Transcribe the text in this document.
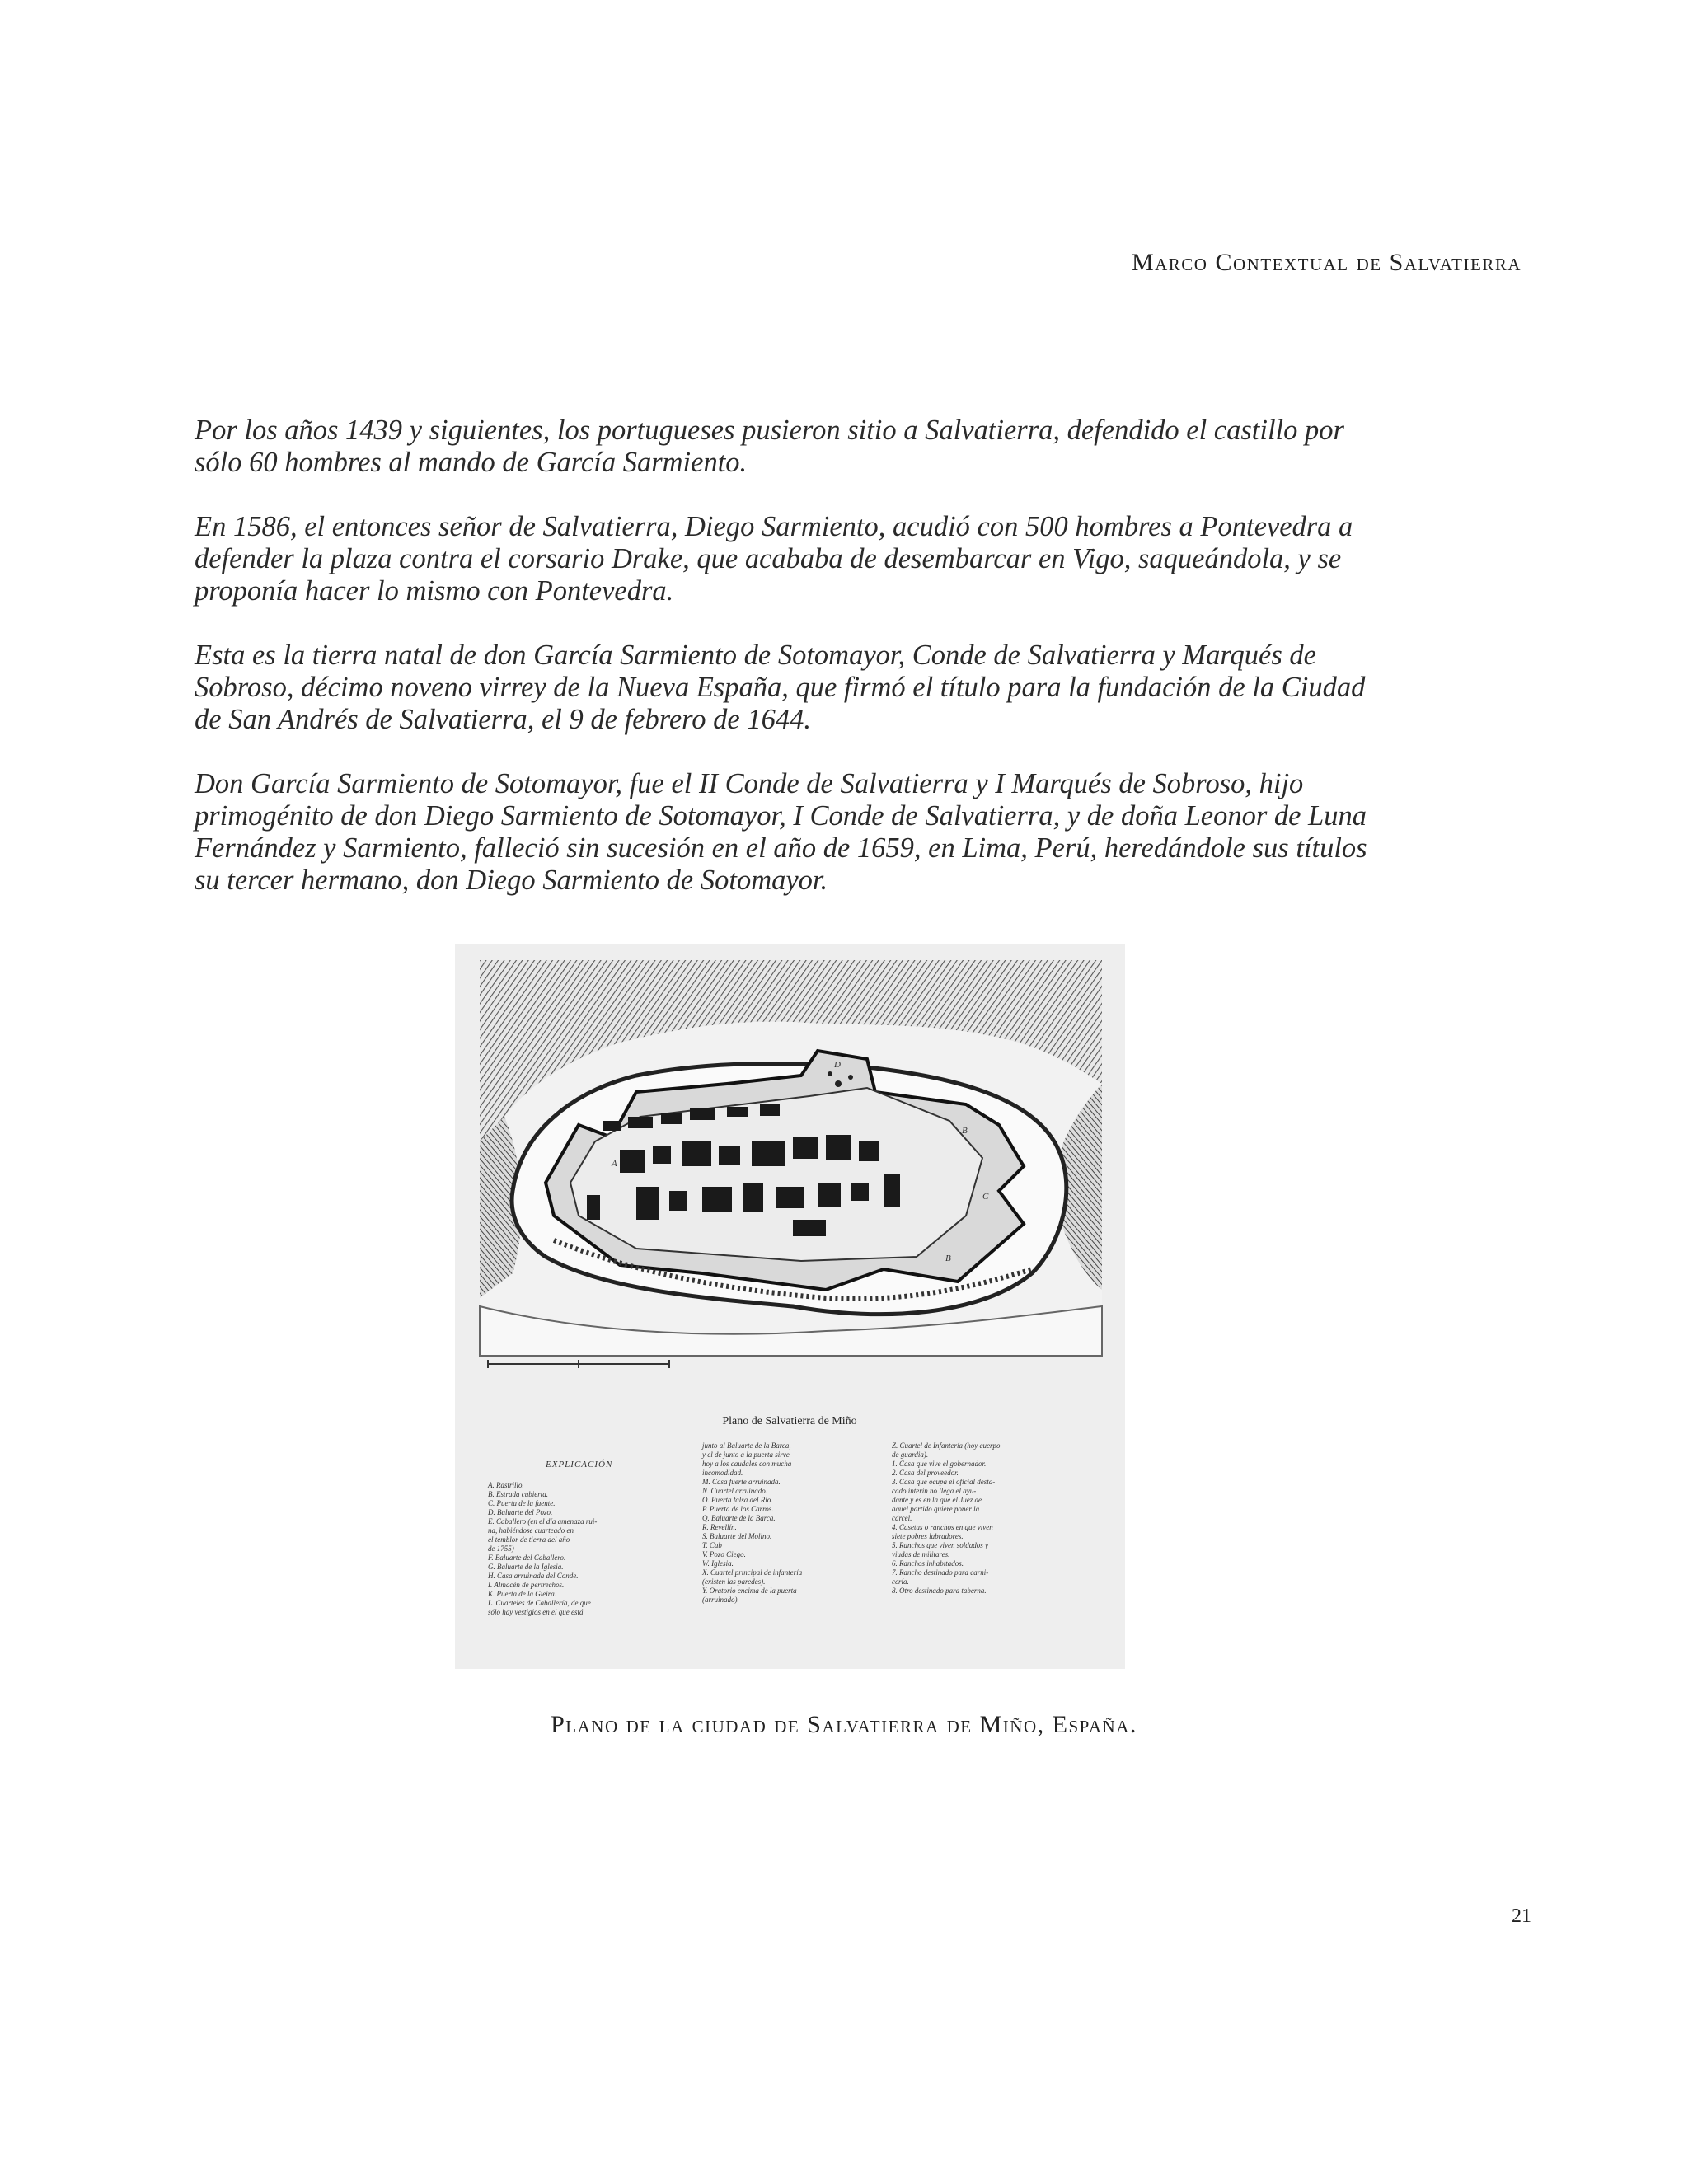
Marco Contextual de Salvatierra

Por los años 1439 y siguientes, los portugueses pusieron sitio a Salvatierra, defendido el castillo por sólo 60 hombres al mando de García Sarmiento.

En 1586, el entonces señor de Salvatierra, Diego Sarmiento, acudió con 500 hombres a Pontevedra a defender la plaza contra el corsario Drake, que acababa de desembarcar en Vigo, saqueándola, y se proponía hacer lo mismo con Pontevedra.

Esta es la tierra natal de don García Sarmiento de Sotomayor, Conde de Salvatierra y Marqués de Sobroso, décimo noveno virrey de la Nueva España, que firmó el título para la fundación de la Ciudad de San Andrés de Salvatierra, el 9 de febrero de 1644.

Don García Sarmiento de Sotomayor, fue el II Conde de Salvatierra y I Marqués de Sobroso, hijo primogénito de don Diego Sarmiento de Sotomayor, I Conde de Salvatierra, y de doña Leonor de Luna Fernández y Sarmiento, falleció sin sucesión en el año de 1659, en Lima, Perú, heredándole sus títulos su tercer hermano, don Diego Sarmiento de Sotomayor.

A
B
C
D
B
Plano de Salvatierra de Miño
EXPLICACIÓN
A. Rastrillo.
B. Estrada cubierta.
C. Puerta de la fuente.
D. Baluarte del Pozo.
E. Caballero (en el día amenaza rui-
na, habiéndose cuarteado en
el temblor de tierra del año
de 1755)
F. Baluarte del Caballero.
G. Baluarte de la Iglesia.
H. Casa arruinada del Conde.
I. Almacén de pertrechos.
K. Puerta de la Gieira.
L. Cuarteles de Caballería, de que
sólo hay vestigios en el que está
junto al Baluarte de la Barca,
y el de junto a la puerta sirve
hoy a los caudales con mucha
incomodidad.
M. Casa fuerte arruinada.
N. Cuartel arruinado.
O. Puerta falsa del Río.
P. Puerta de los Carros.
Q. Baluarte de la Barca.
R. Revellín.
S. Baluarte del Molino.
T. Cub
V. Pozo Ciego.
W. Iglesia.
X. Cuartel principal de infantería
(existen las paredes).
Y. Oratorio encima de la puerta
(arruinado).
Z. Cuartel de Infantería (hoy cuerpo
de guardia).
1. Casa que vive el gobernador.
2. Casa del proveedor.
3. Casa que ocupa el oficial desta-
cado interin no llega el ayu-
dante y es en la que el Juez de
aquel partido quiere poner la
cárcel.
4. Casetas o ranchos en que viven
siete pobres labradores.
5. Ranchos que viven soldados y
viudas de militares.
6. Ranchos inhabitados.
7. Rancho destinado para carni-
cería.
8. Otro destinado para taberna.
Plano de la ciudad de Salvatierra de Miño, España.
21
